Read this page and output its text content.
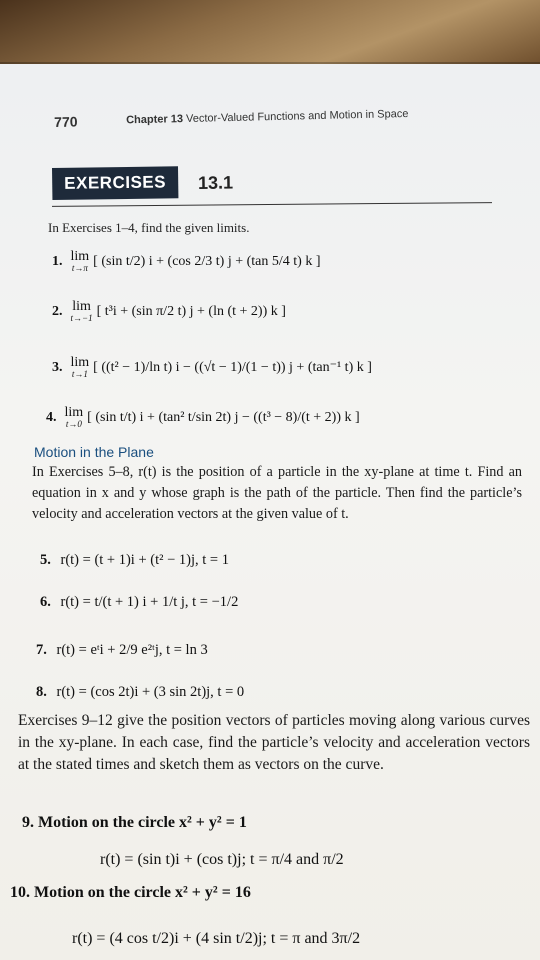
770	Chapter 13 Vector-Valued Functions and Motion in Space
EXERCISES 13.1
In Exercises 1–4, find the given limits.
1. lim
t→π [ (sin t/2) i + (cos 2/3 t) j + (tan 5/4 t) k ]
2. lim
t→−1 [ t³i + (sin π/2 t) j + (ln (t + 2)) k ]
3. lim
t→1 [ ((t² − 1)/ln t) i − ((√t − 1)/(1 − t)) j + (tan⁻¹ t) k ]
4. lim
t→0 [ (sin t/t) i + (tan² t/sin 2t) j − ((t³ − 8)/(t + 2)) k ]
Motion in the Plane
In Exercises 5–8, r(t) is the position of a particle in the xy-plane at time t. Find an equation in x and y whose graph is the path of the particle. Then find the particle’s velocity and acceleration vectors at the given value of t.
5. r(t) = (t + 1)i + (t² − 1)j, t = 1
6. r(t) = t/(t + 1) i + 1/t j, t = −1/2
7. r(t) = eᵗi + 2/9 e²ᵗj, t = ln 3
8. r(t) = (cos 2t)i + (3 sin 2t)j, t = 0
Exercises 9–12 give the position vectors of particles moving along various curves in the xy-plane. In each case, find the particle’s velocity and acceleration vectors at the stated times and sketch them as vectors on the curve.
9. Motion on the circle x² + y² = 1
r(t) = (sin t)i + (cos t)j; t = π/4 and π/2
10. Motion on the circle x² + y² = 16
r(t) = (4 cos t/2)i + (4 sin t/2)j; t = π and 3π/2
